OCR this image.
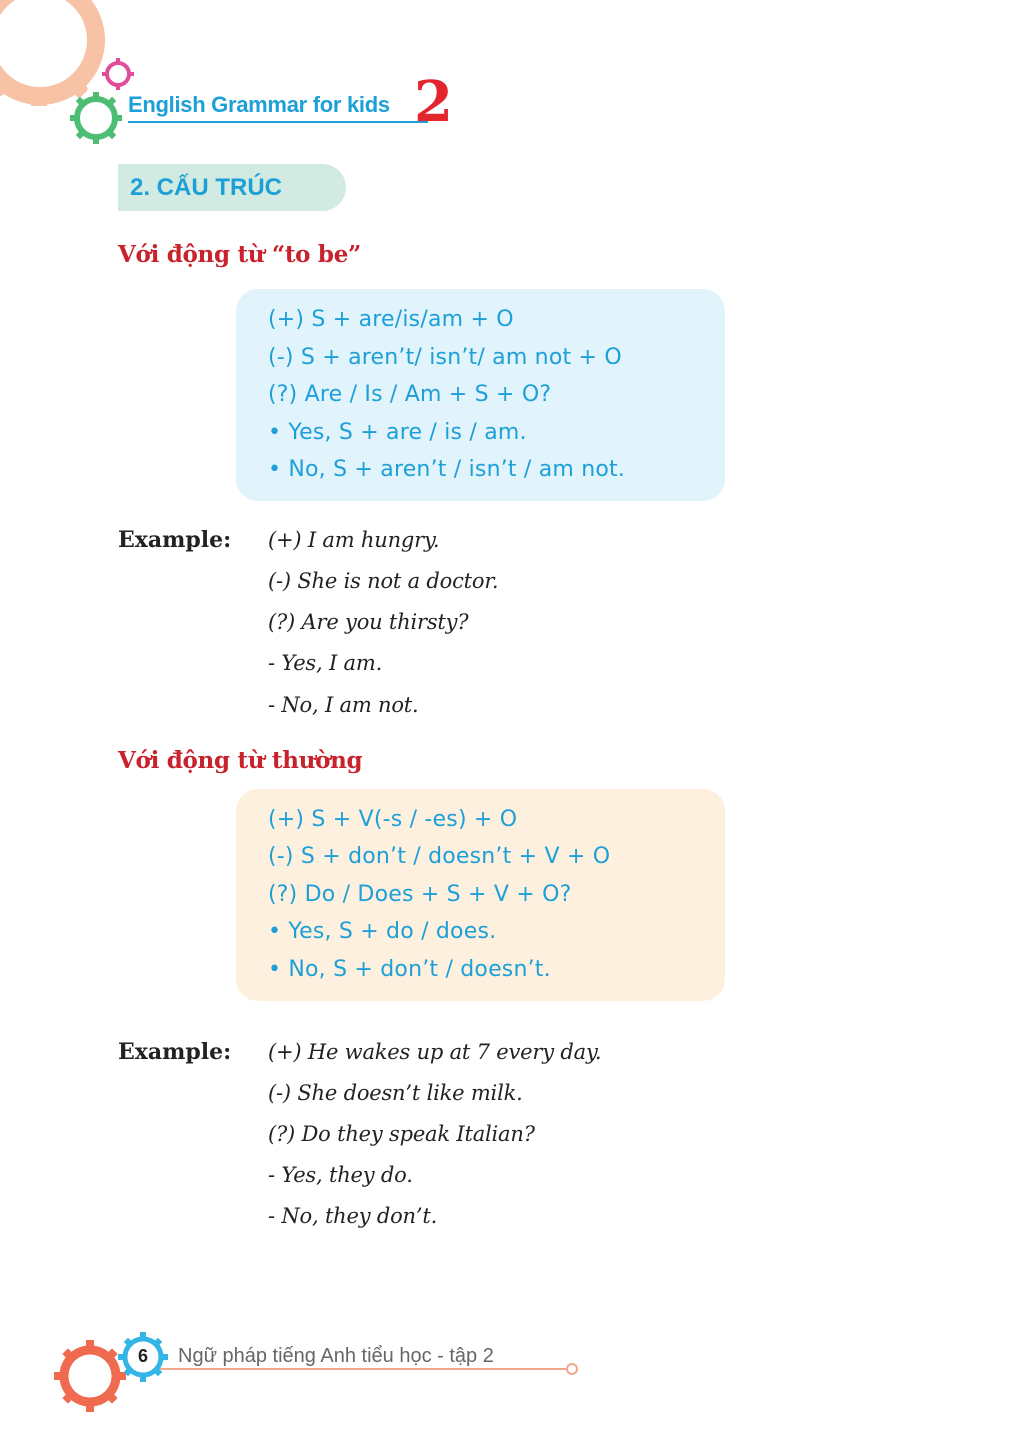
English Grammar for kids 2
2. CẤU TRÚC
Với động từ “to be”
(+) S + are/is/am + O
(-) S + aren’t/ isn’t/ am not + O
(?) Are / Is / Am + S + O?
• Yes, S + are / is / am.
• No, S + aren’t / isn’t / am not.
Example: (+) I am hungry.
(-) She is not a doctor.
(?) Are you thirsty?
- Yes, I am.
- No, I am not.
Với động từ thường
(+) S + V(-s / -es) + O
(-) S + don’t / doesn’t + V + O
(?) Do / Does + S + V + O?
• Yes, S + do / does.
• No, S + don’t / doesn’t.
Example: (+) He wakes up at 7 every day.
(-) She doesn’t like milk.
(?) Do they speak Italian?
- Yes, they do.
- No, they don’t.
6	Ngữ pháp tiếng Anh tiểu học - tập 2
